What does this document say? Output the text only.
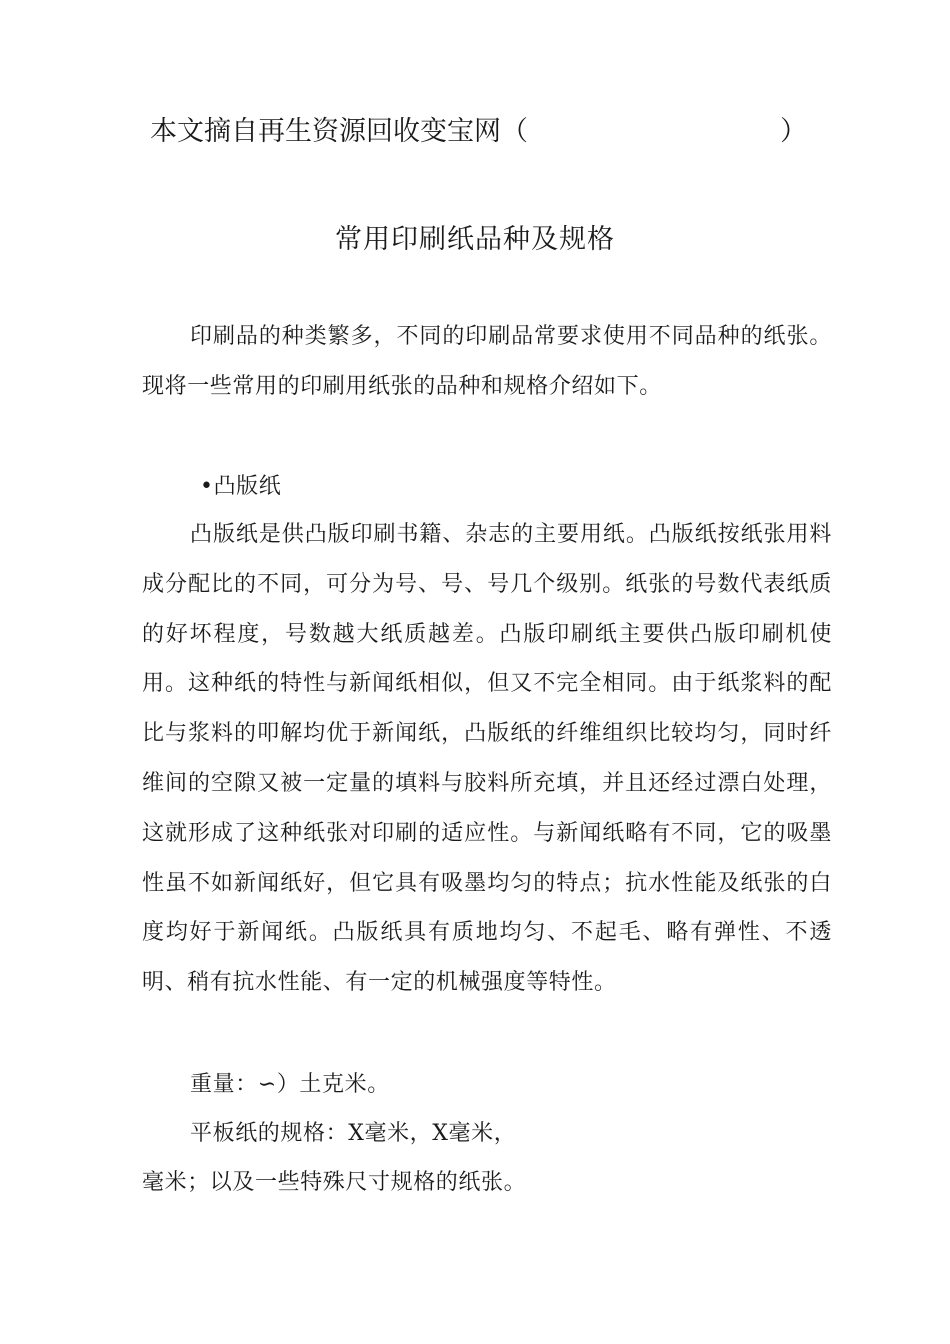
本文摘自再生资源回收变宝网（	）
常用印刷纸品种及规格

印刷品的种类繁多，不同的印刷品常要求使用不同品种的纸张。现将一些常用的印刷用纸张的品种和规格介绍如下。

•凸版纸

凸版纸是供凸版印刷书籍、杂志的主要用纸。凸版纸按纸张用料成分配比的不同，可分为号、号、号几个级别。纸张的号数代表纸质的好坏程度，号数越大纸质越差。凸版印刷纸主要供凸版印刷机使用。这种纸的特性与新闻纸相似，但又不完全相同。由于纸浆料的配比与浆料的叩解均优于新闻纸，凸版纸的纤维组织比较均匀，同时纤维间的空隙又被一定量的填料与胶料所充填，并且还经过漂白处理，这就形成了这种纸张对印刷的适应性。与新闻纸略有不同，它的吸墨性虽不如新闻纸好，但它具有吸墨均匀的特点；抗水性能及纸张的白度均好于新闻纸。凸版纸具有质地均匀、不起毛、略有弹性、不透明、稍有抗水性能、有一定的机械强度等特性。

重量：∽）土克米。
平板纸的规格：X毫米，X毫米，
毫米；以及一些特殊尺寸规格的纸张。
